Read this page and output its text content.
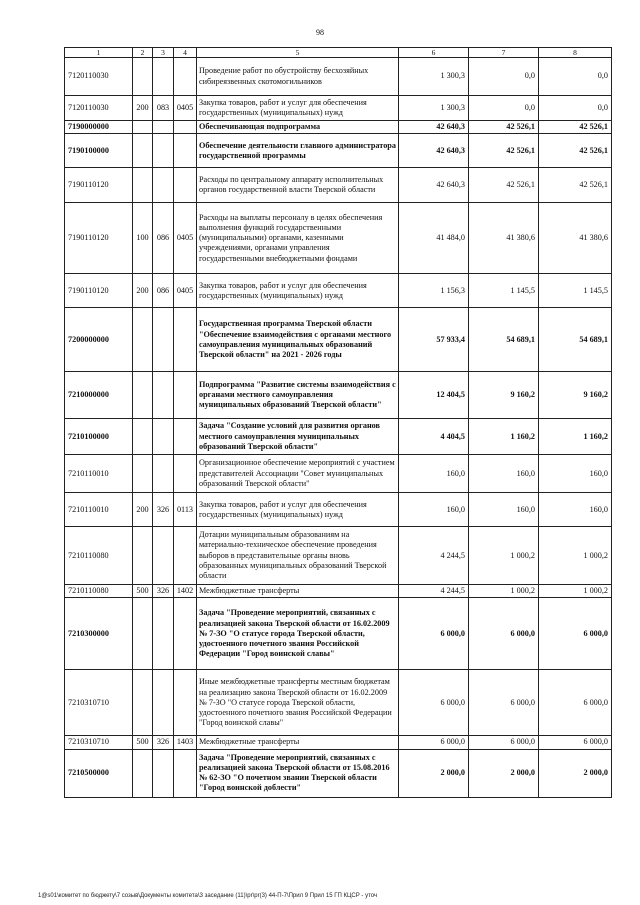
98
1	2	3	4	5	6	7	8
7120110030				Проведение работ по обустройству бесхозяйных сибиреязвенных скотомогильников	1 300,3	0,0	0,0
7120110030	200	083	0405	Закупка товаров, работ и услуг для обеспечения государственных (муниципальных) нужд	1 300,3	0,0	0,0
7190000000				Обеспечивающая подпрограмма	42 640,3	42 526,1	42 526,1
7190100000				Обеспечение деятельности главного администратора государственной программы	42 640,3	42 526,1	42 526,1
7190110120				Расходы по центральному аппарату исполнительных органов государственной власти Тверской области	42 640,3	42 526,1	42 526,1
7190110120	100	086	0405	Расходы на выплаты персоналу в целях обеспечения выполнения функций государственными (муниципальными) органами, казенными учреждениями, органами управления государственными внебюджетными фондами	41 484,0	41 380,6	41 380,6
7190110120	200	086	0405	Закупка товаров, работ и услуг для обеспечения государственных (муниципальных) нужд	1 156,3	1 145,5	1 145,5
7200000000				Государственная программа Тверской области "Обеспечение взаимодействия с органами местного самоуправления муниципальных образований Тверской области" на 2021 - 2026 годы	57 933,4	54 689,1	54 689,1
7210000000				Подпрограмма "Развитие системы взаимодействия с органами местного самоуправления муниципальных образований Тверской области"	12 404,5	9 160,2	9 160,2
7210100000				Задача "Создание условий для развития органов местного самоуправления муниципальных образований Тверской области"	4 404,5	1 160,2	1 160,2
7210110010				Организационное обеспечение мероприятий с участием представителей Ассоциации "Совет муниципальных образований Тверской области"	160,0	160,0	160,0
7210110010	200	326	0113	Закупка товаров, работ и услуг для обеспечения государственных (муниципальных) нужд	160,0	160,0	160,0
7210110080				Дотации муниципальным образованиям на материально-техническое обеспечение проведения выборов в представительные органы вновь образованных муниципальных образований Тверской области	4 244,5	1 000,2	1 000,2
7210110080	500	326	1402	Межбюджетные трансферты	4 244,5	1 000,2	1 000,2
7210300000				Задача "Проведение мероприятий, связанных с реализацией закона Тверской области от 16.02.2009 № 7-ЗО "О статусе города Тверской области, удостоенного почетного звания Российской Федерации "Город воинской славы"	6 000,0	6 000,0	6 000,0
7210310710				Иные межбюджетные трансферты местным бюджетам на реализацию закона Тверской области от 16.02.2009 № 7-ЗО "О статусе города Тверской области, удостоенного почетного звания Российской Федерации "Город воинской славы"	6 000,0	6 000,0	6 000,0
7210310710	500	326	1403	Межбюджетные трансферты	6 000,0	6 000,0	6 000,0
7210500000				Задача "Проведение мероприятий, связанных с реализацией закона Тверской области от 15.08.2016 № 62-ЗО "О почетном звании Тверской области "Город воинской доблести"	2 000,0	2 000,0	2 000,0
1@s01\комитет по бюджету\7 созыв\Документы комитета\3 заседание (11)\pr\pr(3) 44-П-7\Прил 9 Прил 15 ГП КЦСР - уточ
